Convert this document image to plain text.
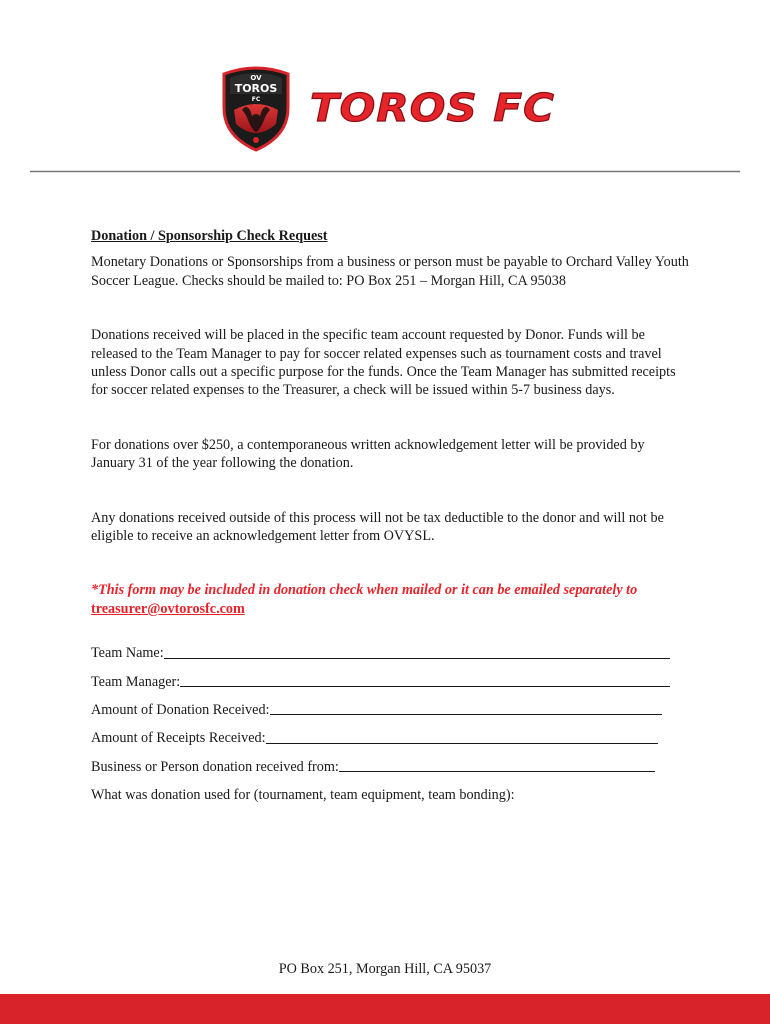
OV
TOROS
FC TOROS FC

Donation / Sponsorship Check Request

Monetary Donations or Sponsorships from a business or person must be payable to Orchard Valley Youth Soccer League. Checks should be mailed to: PO Box 251 – Morgan Hill, CA 95038

Donations received will be placed in the specific team account requested by Donor. Funds will be released to the Team Manager to pay for soccer related expenses such as tournament costs and travel unless Donor calls out a specific purpose for the funds. Once the Team Manager has submitted receipts for soccer related expenses to the Treasurer, a check will be issued within 5-7 business days.

For donations over $250, a contemporaneous written acknowledgement letter will be provided by January 31 of the year following the donation.

Any donations received outside of this process will not be tax deductible to the donor and will not be eligible to receive an acknowledgement letter from OVYSL.

*This form may be included in donation check when mailed or it can be emailed separately to
treasurer@ovtorosfc.com

Team Name:
Team Manager:
Amount of Donation Received:
Amount of Receipts Received:
Business or Person donation received from:
What was donation used for (tournament, team equipment, team bonding):
PO Box 251, Morgan Hill, CA 95037
